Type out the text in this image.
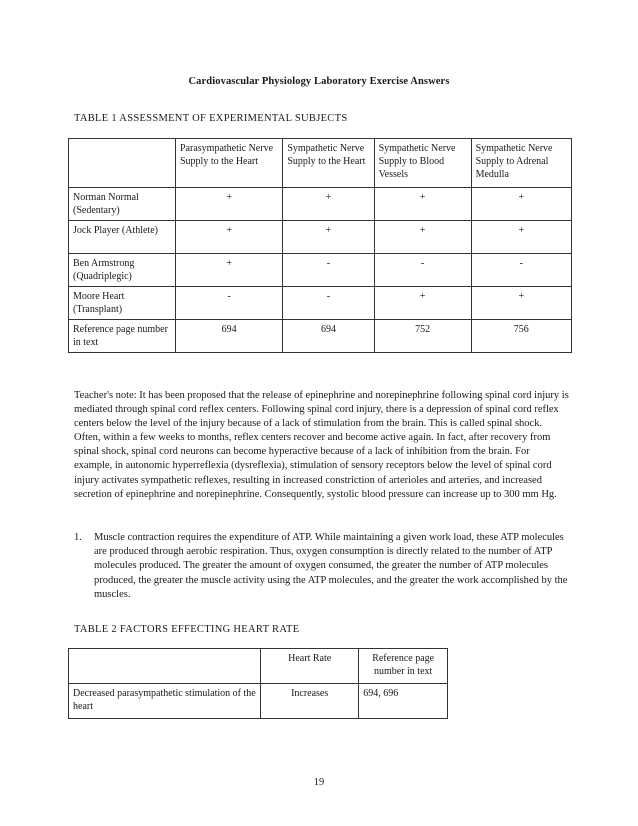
Cardiovascular Physiology Laboratory Exercise Answers
TABLE 1 ASSESSMENT OF EXPERIMENTAL SUBJECTS
	Parasympathetic Nerve Supply to the Heart	Sympathetic Nerve Supply to the Heart	Sympathetic Nerve Supply to Blood Vessels	Sympathetic Nerve Supply to Adrenal Medulla
Norman Normal (Sedentary)	+	+	+	+
Jock Player (Athlete)	+	+	+	+
Ben Armstrong (Quadriplegic)	+	-	-	-
Moore Heart (Transplant)	-	-	+	+
Reference page number in text	694	694	752	756
Teacher's note: It has been proposed that the release of epinephrine and norepinephrine following spinal cord injury is mediated through spinal cord reflex centers. Following spinal cord injury, there is a depression of spinal cord reflex centers below the level of the injury because of a lack of stimulation from the brain. This is called spinal shock. Often, within a few weeks to months, reflex centers recover and become active again. In fact, after recovery from spinal shock, spinal cord neurons can become hyperactive because of a lack of inhibition from the brain. For example, in autonomic hyperreflexia (dysreflexia), stimulation of sensory receptors below the level of spinal cord injury activates sympathetic reflexes, resulting in increased constriction of arterioles and arteries, and increased secretion of epinephrine and norepinephrine. Consequently, systolic blood pressure can increase up to 300 mm Hg.
1. Muscle contraction requires the expenditure of ATP. While maintaining a given work load, these ATP molecules are produced through aerobic respiration. Thus, oxygen consumption is directly related to the number of ATP molecules produced. The greater the amount of oxygen consumed, the greater the number of ATP molecules produced, the greater the muscle activity using the ATP molecules, and the greater the work accomplished by the muscles.
TABLE 2 FACTORS EFFECTING HEART RATE
	Heart Rate	Reference page number in text
Decreased parasympathetic stimulation of the heart	Increases	694, 696
19
